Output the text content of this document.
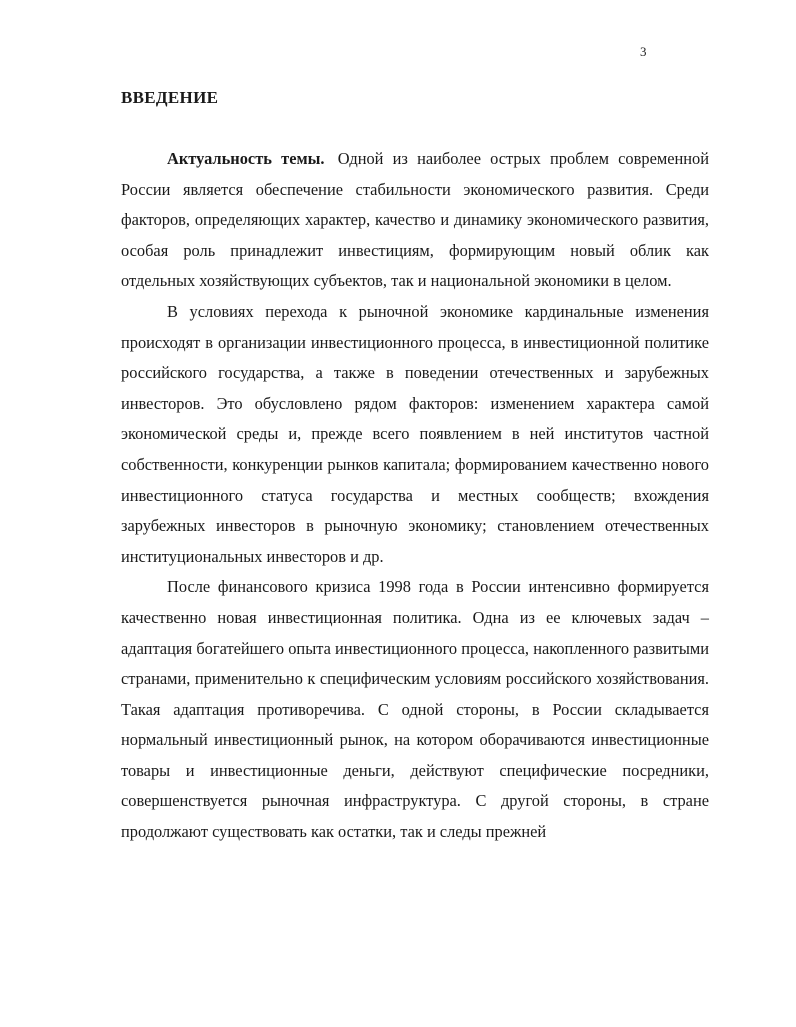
3
ВВЕДЕНИЕ

Актуальность темы. Одной из наиболее острых проблем современной России является обеспечение стабильности экономического развития. Среди факторов, определяющих характер, качество и динамику экономического развития, особая роль принадлежит инвестициям, формирующим новый облик как отдельных хозяйствующих субъектов, так и национальной экономики в целом.

В условиях перехода к рыночной экономике кардинальные изменения происходят в организации инвестиционного процесса, в инвестиционной политике российского государства, а также в поведении отечественных и зарубежных инвесторов. Это обусловлено рядом факторов: изменением характера самой экономической среды и, прежде всего появлением в ней институтов частной собственности, конкуренции рынков капитала; формированием качественно нового инвестиционного статуса государства и местных сообществ; вхождения зарубежных инвесторов в рыночную экономику; становлением отечественных институциональных инвесторов и др.

После финансового кризиса 1998 года в России интенсивно формируется качественно новая инвестиционная политика. Одна из ее ключевых задач – адаптация богатейшего опыта инвестиционного процесса, накопленного развитыми странами, применительно к специфическим условиям российского хозяйствования. Такая адаптация противоречива. С одной стороны, в России складывается нормальный инвестиционный рынок, на котором оборачиваются инвестиционные товары и инвестиционные деньги, действуют специфические посредники, совершенствуется рыночная инфраструктура. С другой стороны, в стране продолжают существовать как остатки, так и следы прежней
